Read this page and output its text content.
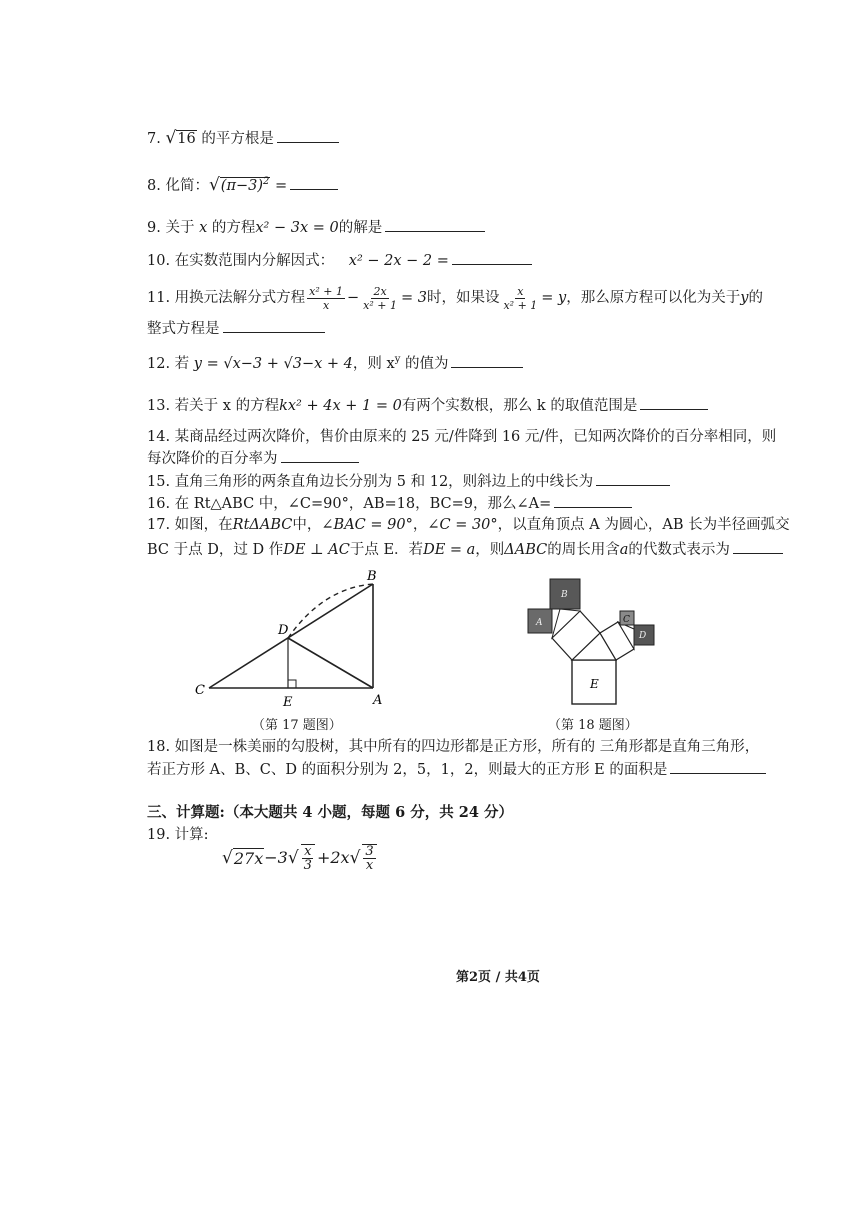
7. √16 的平方根是
8. 化简：$√(\pi-3)^2$ =
9. 关于 x 的方程x² − 3x = 0的解是
10. 在实数范围内分解因式： x² − 2x − 2 =
11.
用换元法解分式方程 $\frac{\text{x² + 1}}{x} - \frac{2x}{\text{x² + 1}} = 3$ 时，如果设 $\frac{x}{\text{x² + 1}} = y$ ，那么原方程可以化为关于 y 的
整式方程是
12. 若 y = √x−3 + √3−x + 4，则 $x^y$ 的值为
13. 若关于 x 的方程kx² + 4x + 1 = 0有两个实数根，那么 k 的取值范围是
14. 某商品经过两次降价，售价由原来的 25 元/件降到 16 元/件，已知两次降价的百分率相同，则
每次降价的百分率为
15. 直角三角形的两条直角边长分别为 5 和 12，则斜边上的中线长为
16. 在 Rt△ABC 中，∠C=90°，AB=18，BC=9，那么∠A=
17. 如图，在RtΔABC中，∠BAC = 90°，∠C = 30°，以直角顶点 A 为圆心，AB 长为半径画弧交
BC 于点 D，过 D 作DE ⊥ AC于点 E．若DE = a，则ΔABC的周长用含a的代数式表示为
C
A
B
D
E
（第 17 题图）
E
A
B
C
D
（第 18 题图）
18. 如图是一株美丽的勾股树，其中所有的四边形都是正方形，所有的 三角形都是直角三角形，
若正方形 A、B、C、D 的面积分别为 2，5，1，2，则最大的正方形 E 的面积是
三、计算题:（本大题共 4 小题，每题 6 分，共 24 分）
19. 计算:
√ 27x −3 √ $\frac{x}{3} +2x$ √ $\frac{3}{x}$
第2页 / 共4页
